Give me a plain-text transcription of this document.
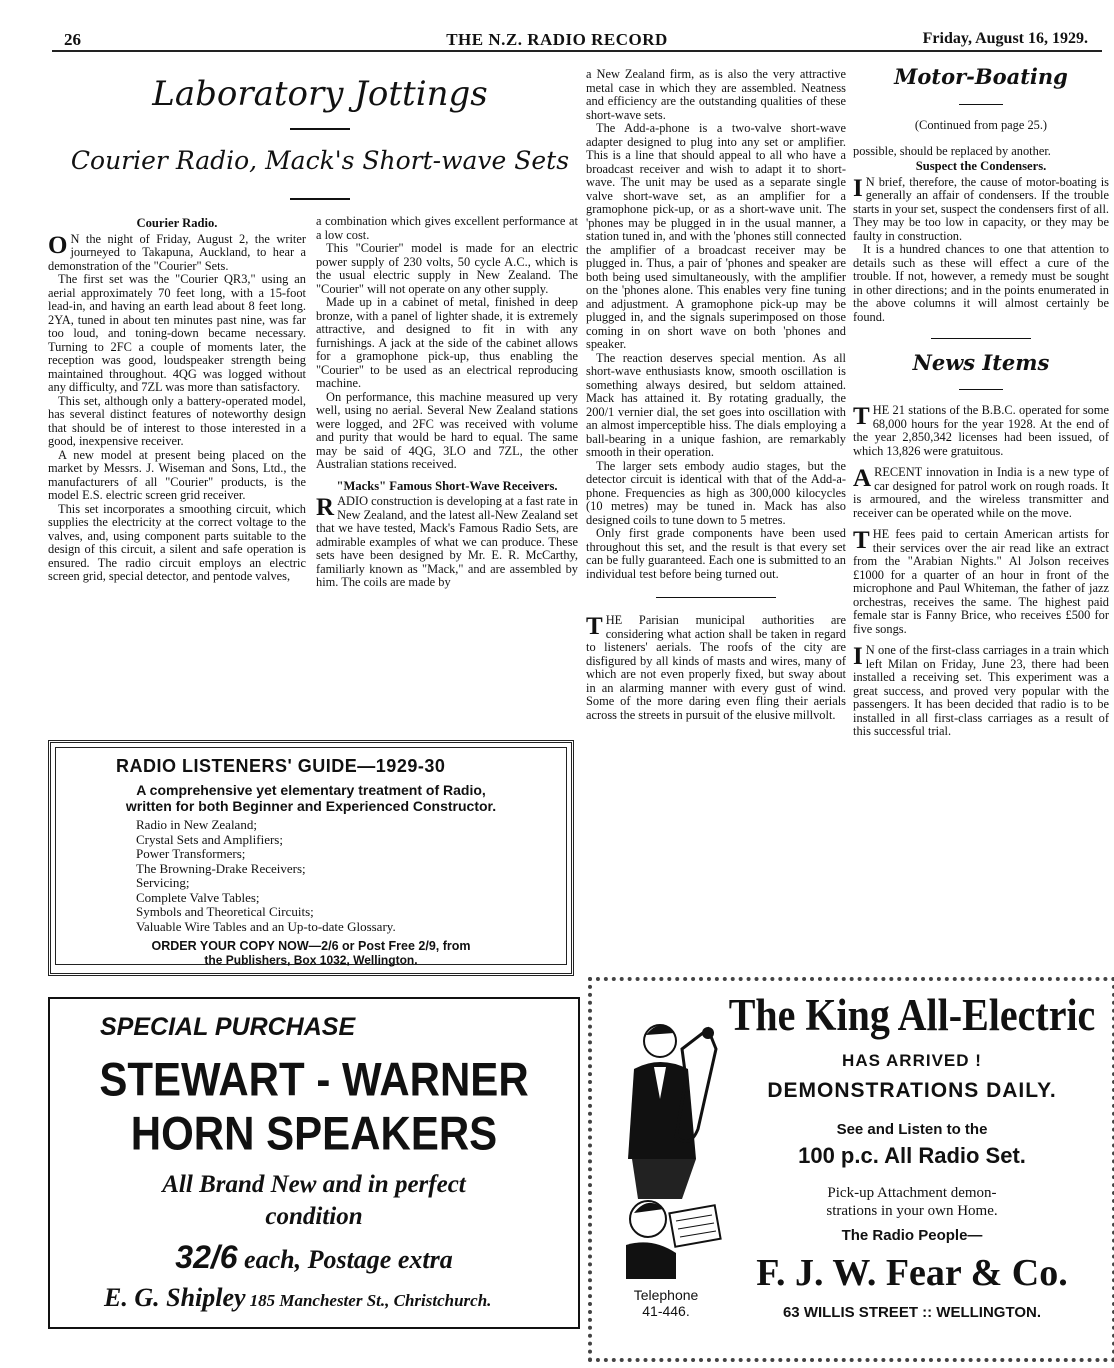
26	THE N.Z. RADIO RECORD	Friday, August 16, 1929.
Laboratory Jottings
Courier Radio, Mack's Short-wave Sets
Courier Radio.

O N the night of Friday, August 2, the writer journeyed to Takapuna, Auckland, to hear a demonstration of the "Courier" Sets.

The first set was the "Courier QR3," using an aerial approximately 70 feet long, with a 15-foot lead-in, and having an earth lead about 8 feet long. 2YA, tuned in about ten minutes past nine, was far too loud, and toning-down became necessary. Turning to 2FC a couple of moments later, the reception was good, loudspeaker strength being maintained throughout. 4QG was logged without any difficulty, and 7ZL was more than satisfactory.

This set, although only a battery-operated model, has several distinct features of noteworthy design that should be of interest to those interested in a good, inexpensive receiver.

A new model at present being placed on the market by Messrs. J. Wiseman and Sons, Ltd., the manufacturers of all "Courier" products, is the model E.S. electric screen grid receiver.

This set incorporates a smoothing circuit, which supplies the electricity at the correct voltage to the valves, and, using component parts suitable to the design of this circuit, a silent and safe operation is ensured. The radio circuit employs an electric screen grid, special detector, and pentode valves,

a combination which gives excellent performance at a low cost.

This "Courier" model is made for an electric power supply of 230 volts, 50 cycle A.C., which is the usual electric supply in New Zealand. The "Courier" will not operate on any other supply.

Made up in a cabinet of metal, finished in deep bronze, with a panel of lighter shade, it is extremely attractive, and designed to fit in with any furnishings. A jack at the side of the cabinet allows for a gramophone pick-up, thus enabling the "Courier" to be used as an electrical reproducing machine.

On performance, this machine measured up very well, using no aerial. Several New Zealand stations were logged, and 2FC was received with volume and purity that would be hard to equal. The same may be said of 4QG, 3LO and 7ZL, the other Australian stations received.

"Macks" Famous Short-Wave Receivers.

RADIO construction is developing at a fast rate in New Zealand, and the latest all-New Zealand set that we have tested, Mack's Famous Radio Sets, are admirable examples of what we can produce. These sets have been designed by Mr. E. R. McCarthy, familiarly known as "Mack," and are assembled by him. The coils are made by

a New Zealand firm, as is also the very attractive metal case in which they are assembled. Neatness and efficiency are the outstanding qualities of these short-wave sets.

The Add-a-phone is a two-valve short-wave adapter designed to plug into any set or amplifier. This is a line that should appeal to all who have a broadcast receiver and wish to adapt it to short-wave. The unit may be used as a separate single valve short-wave set, as an amplifier for a gramophone pick-up, or as a short-wave unit. The 'phones may be plugged in in the usual manner, a station tuned in, and with the 'phones still connected the amplifier of a broadcast receiver may be plugged in. Thus, a pair of 'phones and speaker are both being used simultaneously, with the amplifier on the 'phones alone. This enables very fine tuning and adjustment. A gramophone pick-up may be plugged in, and the signals superimposed on those coming in on short wave on both 'phones and speaker.

The reaction deserves special mention. As all short-wave enthusiasts know, smooth oscillation is something always desired, but seldom attained. Mack has attained it. By rotating gradually, the 200/1 vernier dial, the set goes into oscillation with an almost imperceptible hiss. The dials employing a ball-bearing in a unique fashion, are remarkably smooth in their operation.

The larger sets embody audio stages, but the detector circuit is identical with that of the Add-a-phone. Frequencies as high as 300,000 kilocycles (10 metres) may be tuned in. Mack has also designed coils to tune down to 5 metres.

Only first grade components have been used throughout this set, and the result is that every set can be fully guaranteed. Each one is submitted to an individual test before being turned out.

THE Parisian municipal authorities are considering what action shall be taken in regard to listeners' aerials. The roofs of the city are disfigured by all kinds of masts and wires, many of which are not even properly fixed, but sway about in an alarming manner with every gust of wind. Some of the more daring even fling their aerials across the streets in pursuit of the elusive millvolt.

Motor-Boating
(Continued from page 25.)

possible, should be replaced by another.

Suspect the Condensers.

I N brief, therefore, the cause of motor-boating is generally an affair of condensers. If the trouble starts in your set, suspect the condensers first of all. They may be too low in capacity, or they may be faulty in construction.

It is a hundred chances to one that attention to details such as these will effect a cure of the trouble. If not, however, a remedy must be sought in other directions; and in the points enumerated in the above columns it will almost certainly be found.

News Items

THE 21 stations of the B.B.C. operated for some 68,000 hours for the year 1928. At the end of the year 2,850,342 licenses had been issued, of which 13,826 were gratuitous.

ARECENT innovation in India is a new type of car designed for patrol work on rough roads. It is armoured, and the wireless transmitter and receiver can be operated while on the move.

THE fees paid to certain American artists for their services over the air read like an extract from the "Arabian Nights." Al Jolson receives £1000 for a quarter of an hour in front of the microphone and Paul Whiteman, the father of jazz orchestras, receives the same. The highest paid female star is Fanny Brice, who receives £500 for five songs.

I N one of the first-class carriages in a train which left Milan on Friday, June 23, there had been installed a receiving set. This experiment was a great success, and proved very popular with the passengers. It has been decided that radio is to be installed in all first-class carriages as a result of this successful trial.

RADIO LISTENERS' GUIDE—1929-30
A comprehensive yet elementary treatment of Radio,
written for both Beginner and Experienced Constructor.
Radio in New Zealand;
Crystal Sets and Amplifiers;
Power Transformers;
The Browning-Drake Receivers;
Servicing;
Complete Valve Tables;
Symbols and Theoretical Circuits;
Valuable Wire Tables and an Up-to-date Glossary.
ORDER YOUR COPY NOW—2/6 or Post Free 2/9, from
the Publishers, Box 1032, Wellington.
SPECIAL PURCHASE
STEWART - WARNER
HORN SPEAKERS
All Brand New and in perfect
condition
32/6 each, Postage extra
E. G. Shipley 185 Manchester St., Christchurch.
The King All-Electric
HAS ARRIVED !
DEMONSTRATIONS DAILY.
See and Listen to the
100 p.c. All Radio Set.
Pick-up Attachment demon-
strations in your own Home.
The Radio People—
F. J. W. Fear & Co.
Telephone
41-446.	63 WILLIS STREET :: WELLINGTON.
